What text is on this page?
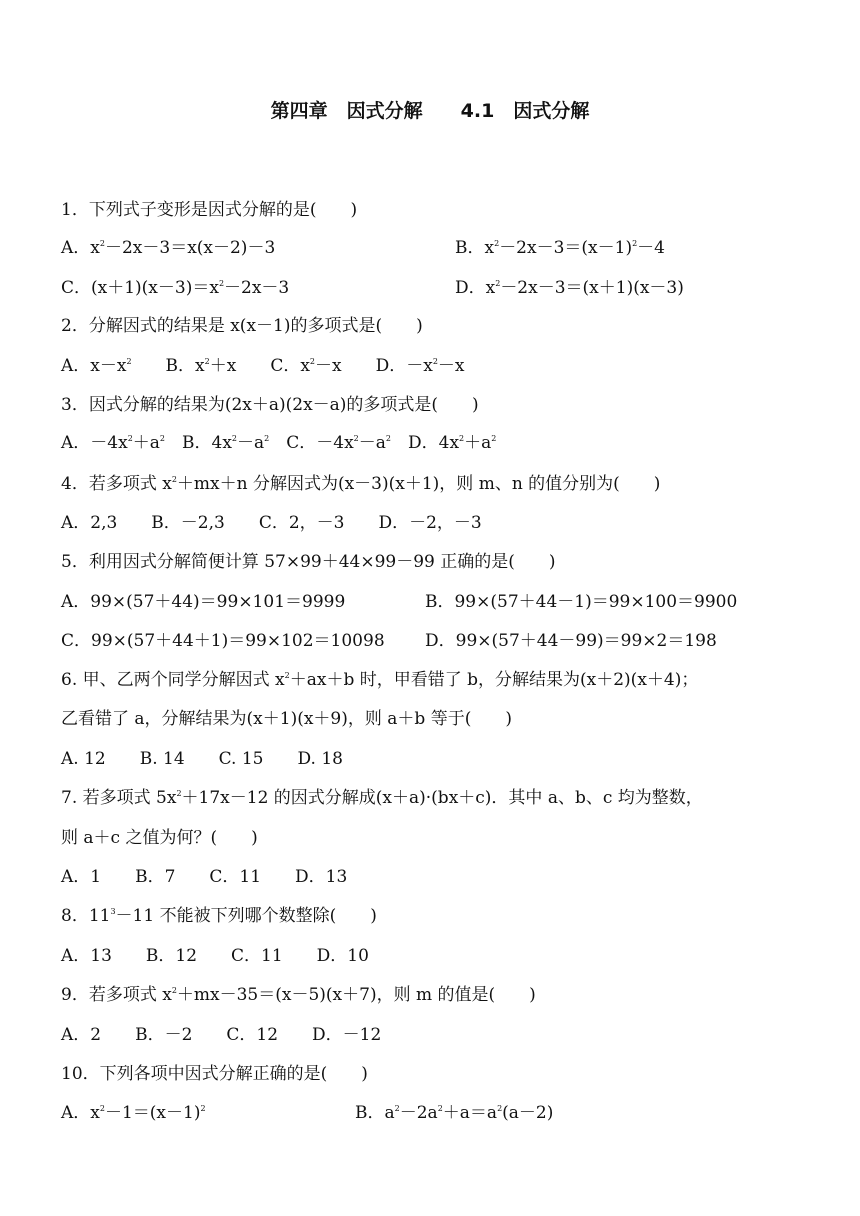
第四章　因式分解 4.1　因式分解
1．下列式子变形是因式分解的是(　　)
A．$x^2-2x-3=x(x-2)-3$	B．$x^2-2x-3=(x-1)^2-4$
C．$(x+1)(x-3)=x^2-2x-3$	D．$x^2-2x-3=(x+1)(x-3)$
2．分解因式的结果是 x(x－1)的多项式是(　　)
A．$x-x^2$　　B．$x^2+x$　　C．$x^2-x$　　D．$-x^2-x$
3．因式分解的结果为(2x＋a)(2x－a)的多项式是(　　)
A．$-4x^2+a^2$　B．$4x^2-a^2$　C．$-4x^2-a^2$　D．$4x^2+a^2$
4．若多项式 $x^2+mx+n$ 分解因式为(x－3)(x＋1)，则 m、n 的值分别为(　　)
A．2,3　　B．－2,3　　C．2，－3　　D．－2，－3
5．利用因式分解简便计算 57×99＋44×99－99 正确的是(　　)
A．99×(57＋44)＝99×101＝9999	B．99×(57＋44－1)＝99×100＝9900
C．99×(57＋44＋1)＝99×102＝10098 D．99×(57＋44－99)＝99×2＝198
6. 甲、乙两个同学分解因式 $x^2+ax+b$ 时，甲看错了 b，分解结果为(x＋2)(x＋4)；
乙看错了 a，分解结果为(x＋1)(x＋9)，则 a＋b 等于(　　)
A. 12　　B. 14　　C. 15　　D. 18
7. 若多项式 $5x^2+17x-12$ 的因式分解成(x＋a)·(bx＋c)．其中 a、b、c 均为整数，
则 a＋c 之值为何？(　　)
A．1　　B．7　　C．11　　D．13
8．$11^3-11$ 不能被下列哪个数整除(　　)
A．13　　B．12　　C．11　　D．10
9．若多项式 $x^2+mx-35=(x-5)(x+7)$，则 m 的值是(　　)
A．2　　B．－2　　C．12　　D．－12
10．下列各项中因式分解正确的是(　　)
A．$x^2-1=(x-1)^2$	B．$a^2-2a^2+a=a^2(a-2)$
